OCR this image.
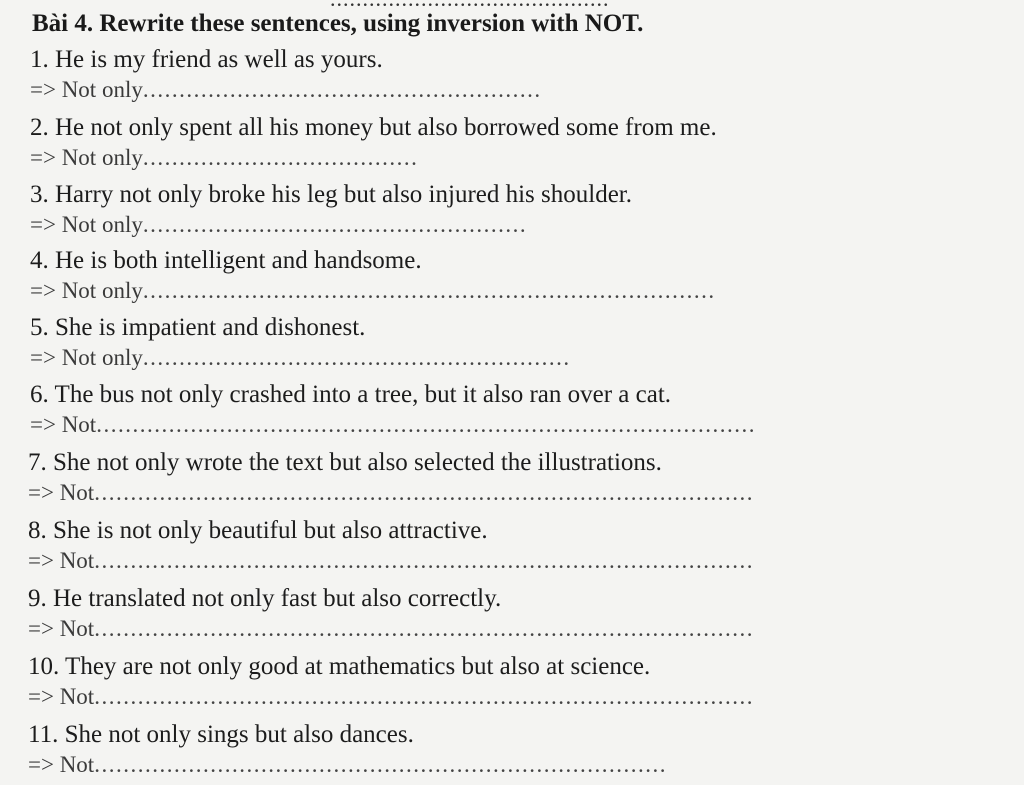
Bài 4. Rewrite these sentences, using inversion with NOT.
1. He is my friend as well as yours.
=> Not only.......................................................
2. He not only spent all his money but also borrowed some from me.
=> Not only......................................
3. Harry not only broke his leg but also injured his shoulder.
=> Not only.....................................................
4. He is both intelligent and handsome.
=> Not only...............................................................................
5. She is impatient and dishonest.
=> Not only...........................................................
6. The bus not only crashed into a tree, but it also ran over a cat.
=> Not...........................................................................................
7. She not only wrote the text but also selected the illustrations.
=> Not...........................................................................................
8. She is not only beautiful but also attractive.
=> Not...........................................................................................
9. He translated not only fast but also correctly.
=> Not...........................................................................................
10. They are not only good at mathematics but also at science.
=> Not...........................................................................................
11. She not only sings but also dances.
=> Not...............................................................................
